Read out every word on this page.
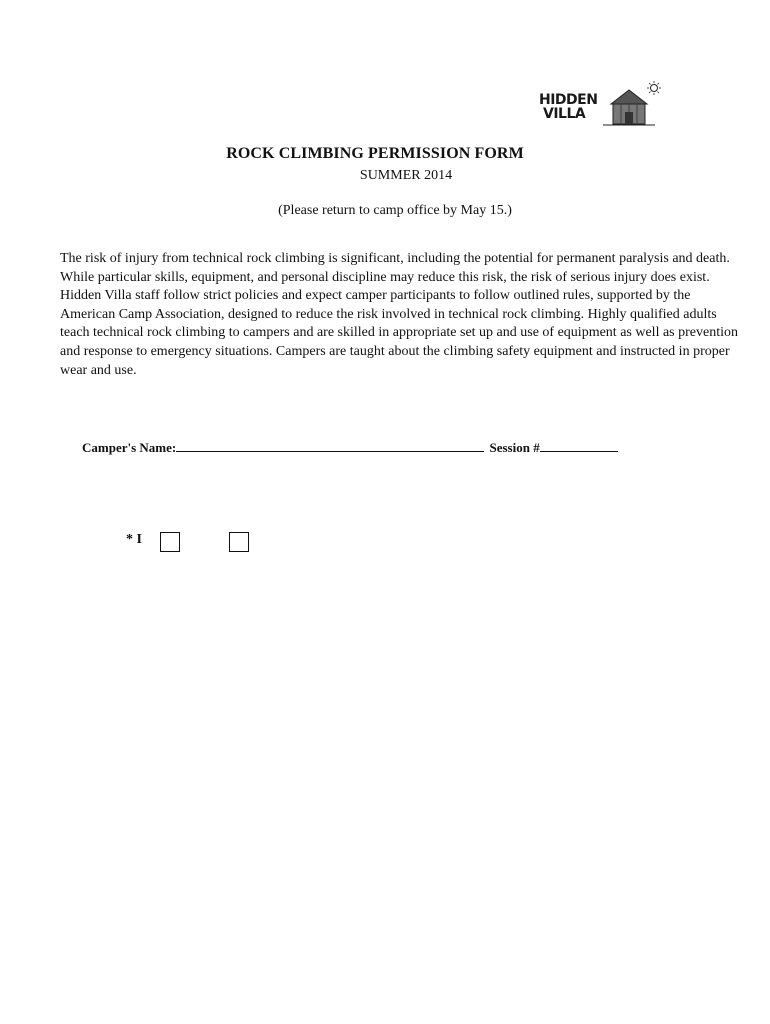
HIDDEN
VILLA
ROCK CLIMBING PERMISSION FORM
SUMMER 2014
(Please return to camp office by May 15.)

The risk of injury from technical rock climbing is significant, including the potential for permanent paralysis and death. While particular skills, equipment, and personal discipline may reduce this risk, the risk of serious injury does exist. Hidden Villa staff follow strict policies and expect camper participants to follow outlined rules, supported by the American Camp Association, designed to reduce the risk involved in technical rock climbing. Highly qualified adults teach technical rock climbing to campers and are skilled in appropriate set up and use of equipment as well as prevention and response to emergency situations. Campers are taught about the climbing safety equipment and instructed in proper wear and use.

Camper's Name:	Session #
* I
